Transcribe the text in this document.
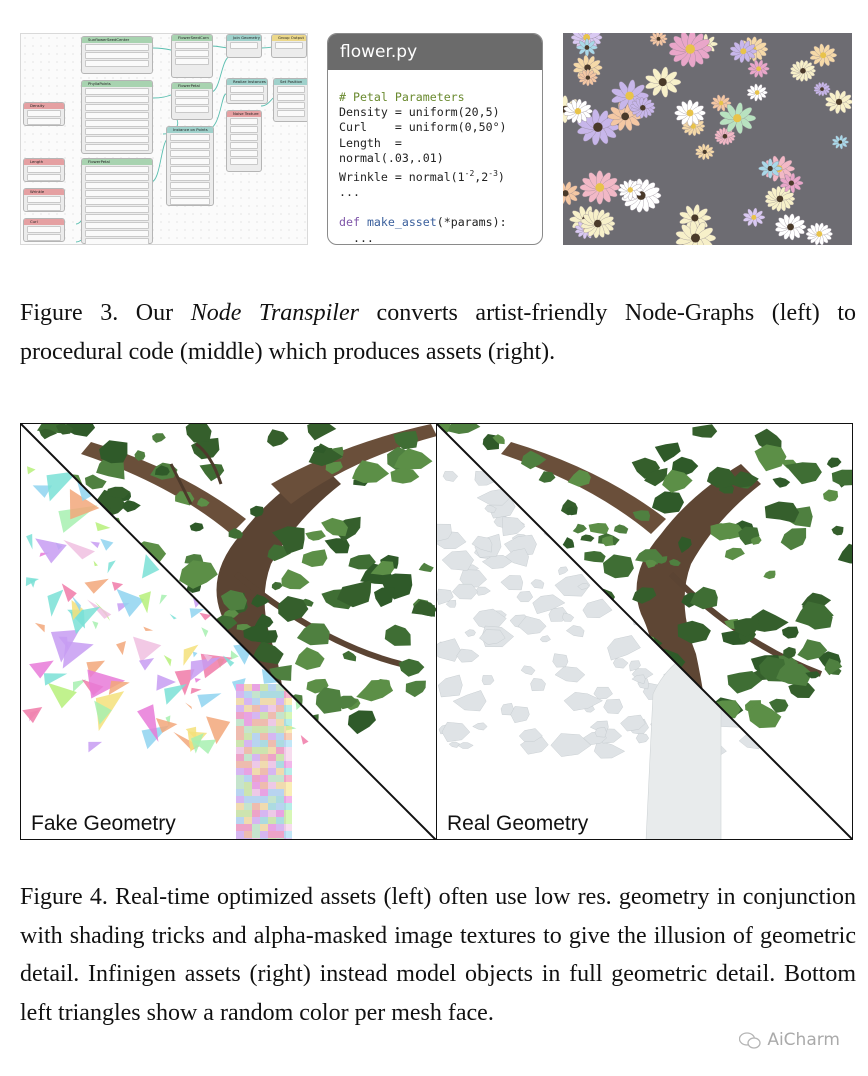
SunflowerSeedCenter	FlowerSeedCorn	Join Geometry	Group Output
PhyllaPoints	FlowerPetal
Realize Instances	Set Position
FlowerPetal
Instance on Points
Noise Texture
Density
Length
Wrinkle
Curl
flower.py
# Petal Parameters
Density = uniform(20,5)
Curl    = uniform(0,50°)
Length  =
normal(.03,.01)
Wrinkle = $normal(1^{-2},2^{-3})$
...

def make_asset(*params):
...
Figure 3. Our Node Transpiler converts artist-friendly Node-Graphs (left) to procedural code (middle) which produces assets (right).
Fake Geometry	Real Geometry
Figure 4. Real-time optimized assets (left) often use low res. geometry in conjunction with shading tricks and alpha-masked image textures to give the illusion of geometric detail. Infinigen assets (right) instead model objects in full geometric detail. Bottom left triangles show a random color per mesh face.
AiCharm
